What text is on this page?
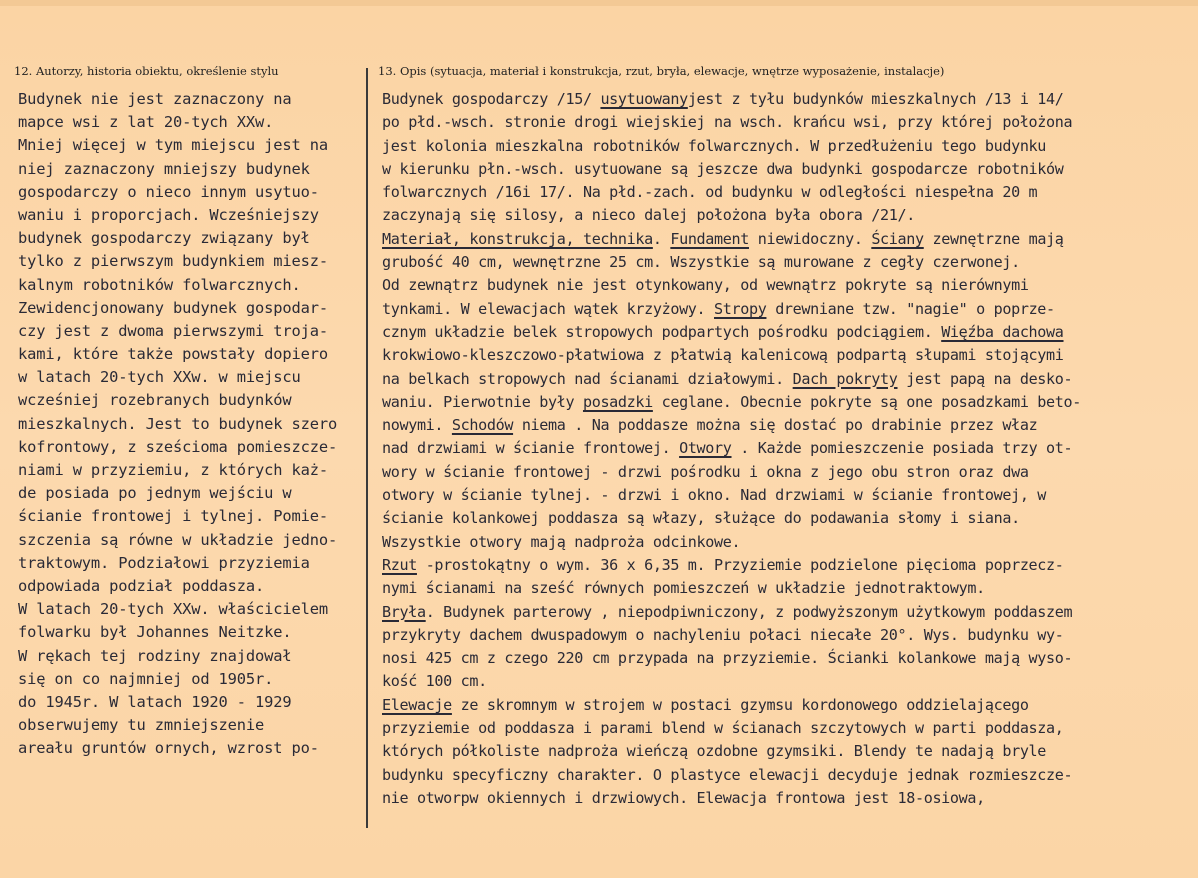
12. Autorzy, historia obiektu, określenie stylu	13. Opis (sytuacja, materiał i konstrukcja, rzut, bryła, elewacje, wnętrze wyposażenie, instalacje)
Budynek nie jest zaznaczony na
mapce wsi z lat 20-tych XXw.
Mniej więcej w tym miejscu jest na
niej zaznaczony mniejszy budynek
gospodarczy o nieco innym usytuo-
waniu i proporcjach. Wcześniejszy
budynek gospodarczy związany był
tylko z pierwszym budynkiem miesz-
kalnym robotników folwarcznych.
Zewidencjonowany budynek gospodar-
czy jest z dwoma pierwszymi troja-
kami, które także powstały dopiero
w latach 20-tych XXw. w miejscu
wcześniej rozebranych budynków
mieszkalnych. Jest to budynek szero
kofrontowy, z sześcioma pomieszcze-
niami w przyziemiu, z których każ-
de posiada po jednym wejściu w
ścianie frontowej i tylnej. Pomie-
szczenia są równe w układzie jedno-
traktowym. Podziałowi przyziemia
odpowiada podział poddasza.
W latach 20-tych XXw. właścicielem
folwarku był Johannes Neitzke.
W rękach tej rodziny znajdował
się on co najmniej od 1905r.
do 1945r. W latach 1920 - 1929
obserwujemy tu zmniejszenie
areału gruntów ornych, wzrost po-
Budynek gospodarczy /15/ usytuowanyjest z tyłu budynków mieszkalnych /13 i 14/
po płd.-wsch. stronie drogi wiejskiej na wsch. krańcu wsi, przy której położona
jest kolonia mieszkalna robotników folwarcznych. W przedłużeniu tego budynku
w kierunku płn.-wsch. usytuowane są jeszcze dwa budynki gospodarcze robotników
folwarcznych /16i 17/. Na płd.-zach. od budynku w odległości niespełna 20 m
zaczynają się silosy, a nieco dalej położona była obora /21/.
Materiał, konstrukcja, technika. Fundament niewidoczny. Ściany zewnętrzne mają
grubość 40 cm, wewnętrzne 25 cm. Wszystkie są murowane z cegły czerwonej.
Od zewnątrz budynek nie jest otynkowany, od wewnątrz pokryte są nierównymi
tynkami. W elewacjach wątek krzyżowy. Stropy drewniane tzw. "nagie" o poprze-
cznym układzie belek stropowych podpartych pośrodku podciągiem. Więźba dachowa
krokwiowo-kleszczowo-płatwiowa z płatwią kalenicową podpartą słupami stojącymi
na belkach stropowych nad ścianami działowymi. Dach pokryty jest papą na desko-
waniu. Pierwotnie były posadzki ceglane. Obecnie pokryte są one posadzkami beto-
nowymi. Schodów niema . Na poddasze można się dostać po drabinie przez właz
nad drzwiami w ścianie frontowej. Otwory . Każde pomieszczenie posiada trzy ot-
wory w ścianie frontowej - drzwi pośrodku i okna z jego obu stron oraz dwa
otwory w ścianie tylnej. - drzwi i okno. Nad drzwiami w ścianie frontowej, w
ścianie kolankowej poddasza są włazy, służące do podawania słomy i siana.
Wszystkie otwory mają nadproża odcinkowe.
Rzut -prostokątny o wym. 36 x 6,35 m. Przyziemie podzielone pięcioma poprzecz-
nymi ścianami na sześć równych pomieszczeń w układzie jednotraktowym.
Bryła. Budynek parterowy , niepodpiwniczony, z podwyższonym użytkowym poddaszem
przykryty dachem dwuspadowym o nachyleniu połaci niecałe 20°. Wys. budynku wy-
nosi 425 cm z czego 220 cm przypada na przyziemie. Ścianki kolankowe mają wyso-
kość 100 cm.
Elewacje ze skromnym w strojem w postaci gzymsu kordonowego oddzielającego
przyziemie od poddasza i parami blend w ścianach szczytowych w parti poddasza,
których półkoliste nadproża wieńczą ozdobne gzymsiki. Blendy te nadają bryle
budynku specyficzny charakter. O plastyce elewacji decyduje jednak rozmieszcze-
nie otworpw okiennych i drzwiowych. Elewacja frontowa jest 18-osiowa,
